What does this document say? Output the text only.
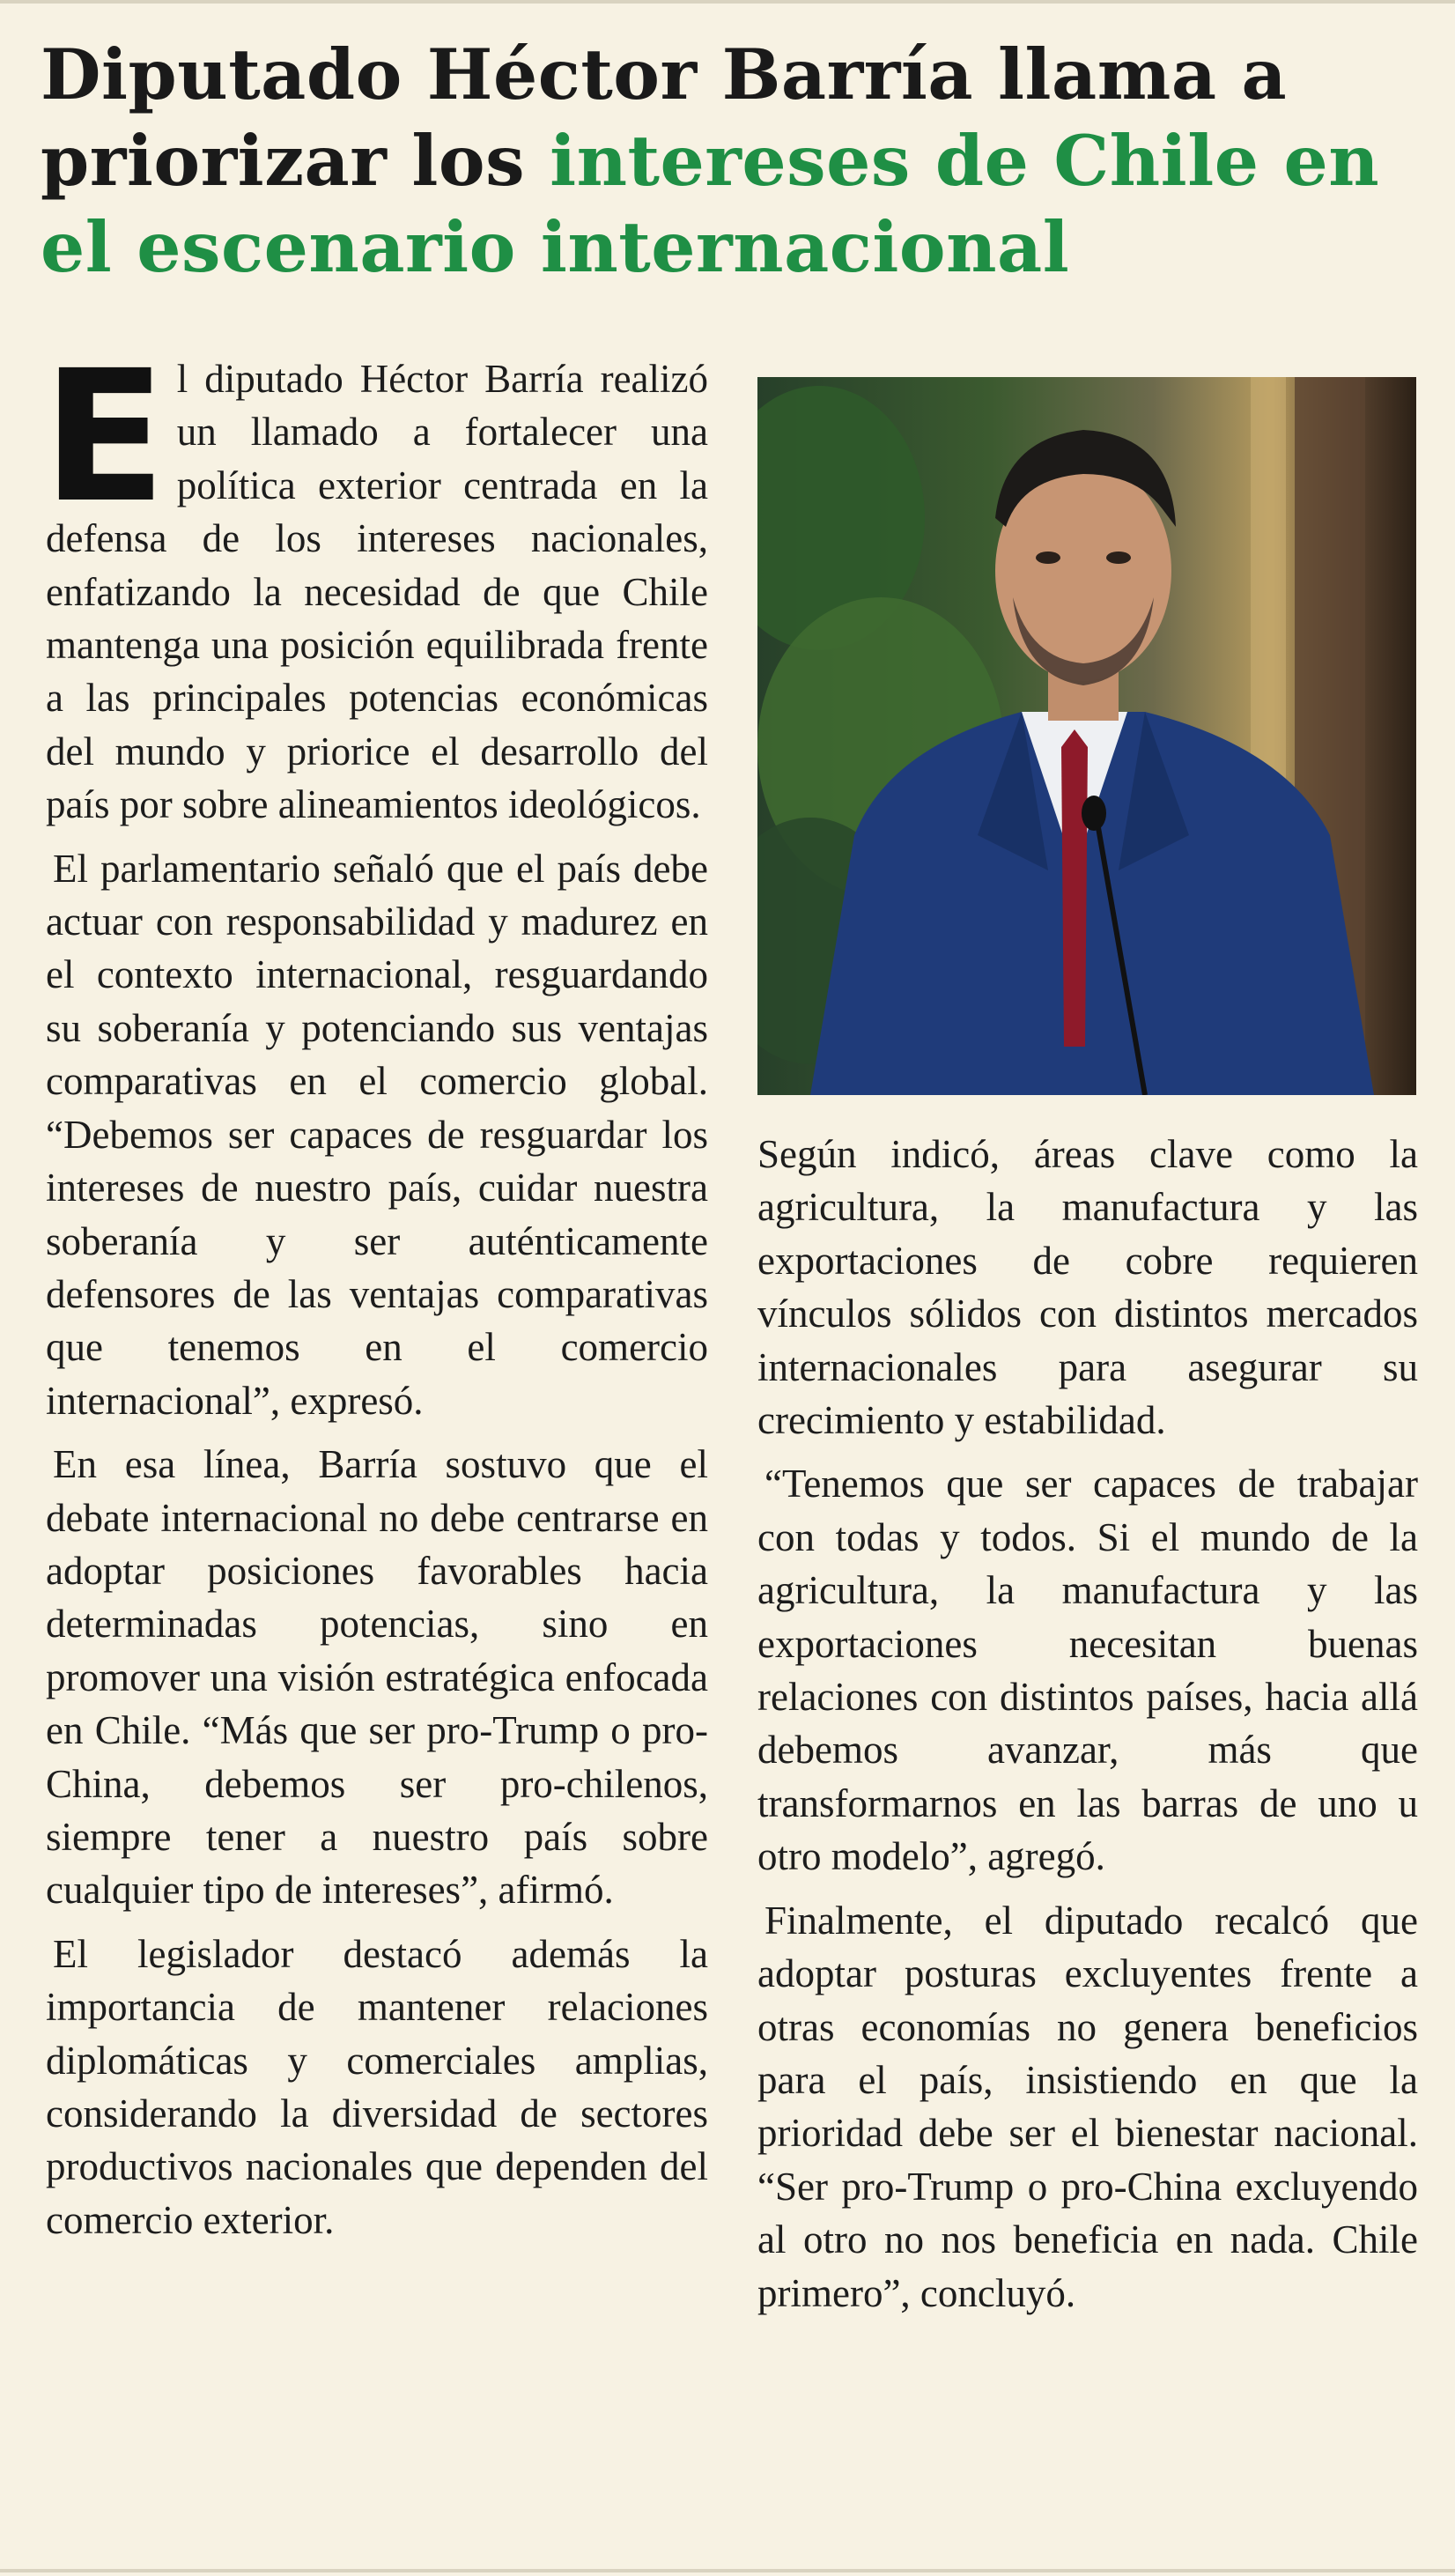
Diputado Héctor Barría llama a priorizar los intereses de Chile en el escenario internacional
E l diputado Héctor Barría realizó un llamado a fortalecer una política exterior centrada en la defensa de los intereses nacionales, enfatizando la necesidad de que Chile mantenga una posición equilibrada frente a las principales potencias económicas del mundo y priorice el desarrollo del país por sobre alineamientos ideológicos.

El parlamentario señaló que el país debe actuar con responsabilidad y madurez en el contexto internacional, resguardando su soberanía y potenciando sus ventajas comparativas en el comercio global. “Debemos ser capaces de resguardar los intereses de nuestro país, cuidar nuestra soberanía y ser auténticamente defensores de las ventajas comparativas que tenemos en el comercio internacional”, expresó.

En esa línea, Barría sostuvo que el debate internacional no debe centrarse en adoptar posiciones favorables hacia determinadas potencias, sino en promover una visión estratégica enfocada en Chile. “Más que ser pro-Trump o pro-China, debemos ser pro-chilenos, siempre tener a nuestro país sobre cualquier tipo de intereses”, afirmó.

El legislador destacó además la importancia de mantener relaciones diplomáticas y comerciales amplias, considerando la diversidad de sectores productivos nacionales que dependen del comercio exterior.

Según indicó, áreas clave como la agricultura, la manufactura y las exportaciones de cobre requieren vínculos sólidos con distintos mercados internacionales para asegurar su crecimiento y estabilidad.

“Tenemos que ser capaces de trabajar con todas y todos. Si el mundo de la agricultura, la manufactura y las exportaciones necesitan buenas relaciones con distintos países, hacia allá debemos avanzar, más que transformarnos en las barras de uno u otro modelo”, agregó.

Finalmente, el diputado recalcó que adoptar posturas excluyentes frente a otras economías no genera beneficios para el país, insistiendo en que la prioridad debe ser el bienestar nacional. “Ser pro-Trump o pro-China excluyendo al otro no nos beneficia en nada. Chile primero”, concluyó.
